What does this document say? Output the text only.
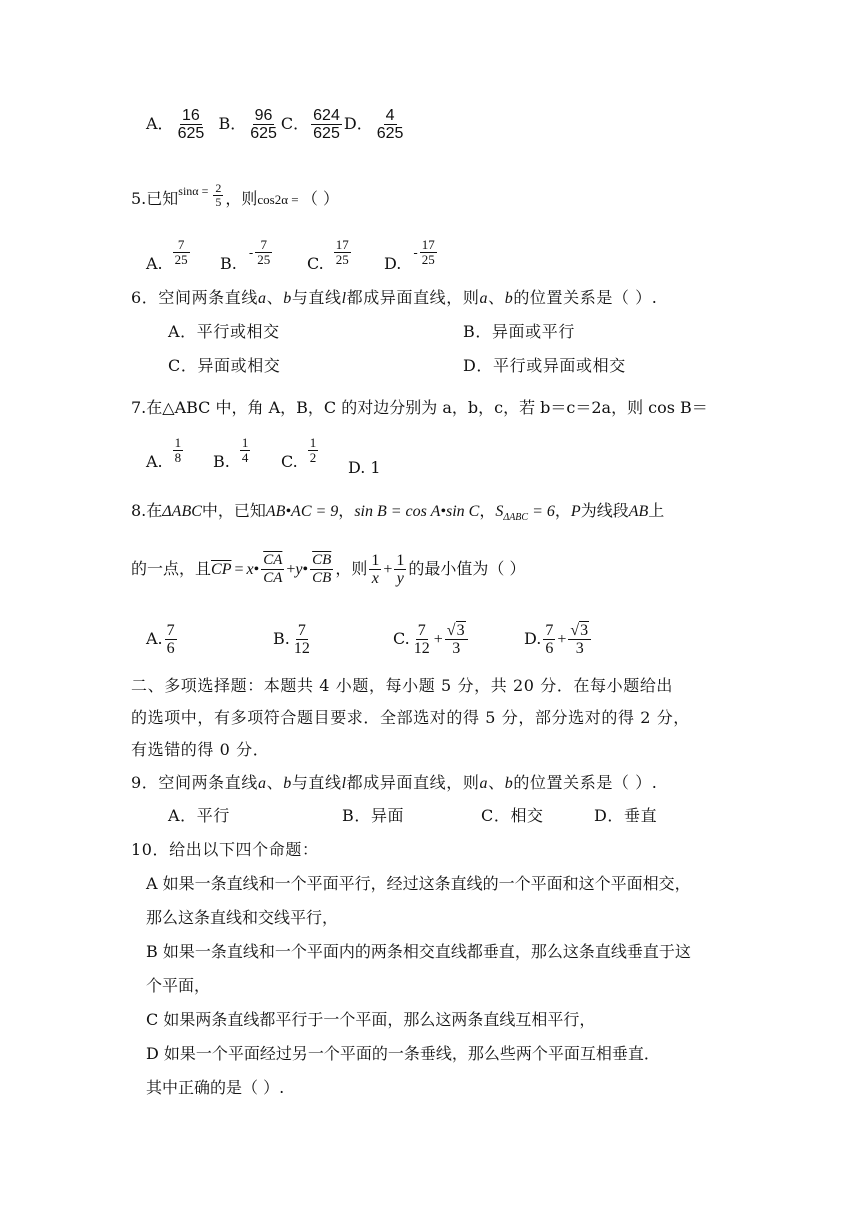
A． $\frac{16}{625}$ B． $\frac{96}{625}$ C． $\frac{624}{625}$ D． $\frac{4}{625}$
5.已知$^{sin\alpha}$ $^= \frac{2}{5}$ ，则cos2α = （ ）
A. $\frac{7}{25} B.- \frac{7}{25} C$. $\frac{17}{25} D.- \frac{17}{25}$
6．空间两条直线a、b与直线l都成异面直线，则a、b的位置关系是（ ）.
A．平行或相交	B．异面或平行
C．异面或相交	D．平行或异面或相交
7.在△ABC 中，角 A，B，C 的对边分别为 a，b，c，若 b＝c＝2a，则 cos B＝
A. $\frac{1}{8} B$. $\frac{1}{4} C$. $\frac{1}{2}$
D. 1
8.在ΔABC中，已知AB•AC = 9，sin B = cos A•sin C，$S_{\Delta ABC} = 6$，P为线段AB上
的一点，且$\overline{CP}$ = x• $\frac{\overline{CA}}{CA}$ +y• $\frac{\overline{CB}}{CB}$ ，则 $\frac{1}{x} + \frac{1}{y}$ 的最小值为（ ）
A. $\frac{7}{6}$	B. $\frac{7}{12}$	C. $\frac{7}{12} + \frac{√3}{3}$	D. $\frac{7}{6} + \frac{√3}{3}$
二、多项选择题：本题共 4 小题，每小题 5 分，共 20 分．在每小题给出
的选项中，有多项符合题目要求．全部选对的得 5 分，部分选对的得 2 分，
有选错的得 0 分．
9．空间两条直线a、b与直线l都成异面直线，则a、b的位置关系是（ ）.
A．平行	B．异面	C．相交	D．垂直
10．给出以下四个命题：
A 如果一条直线和一个平面平行，经过这条直线的一个平面和这个平面相交，
那么这条直线和交线平行，
B 如果一条直线和一个平面内的两条相交直线都垂直，那么这条直线垂直于这
个平面，
C 如果两条直线都平行于一个平面，那么这两条直线互相平行，
D 如果一个平面经过另一个平面的一条垂线，那么些两个平面互相垂直．
其中正确的是（ ）.
